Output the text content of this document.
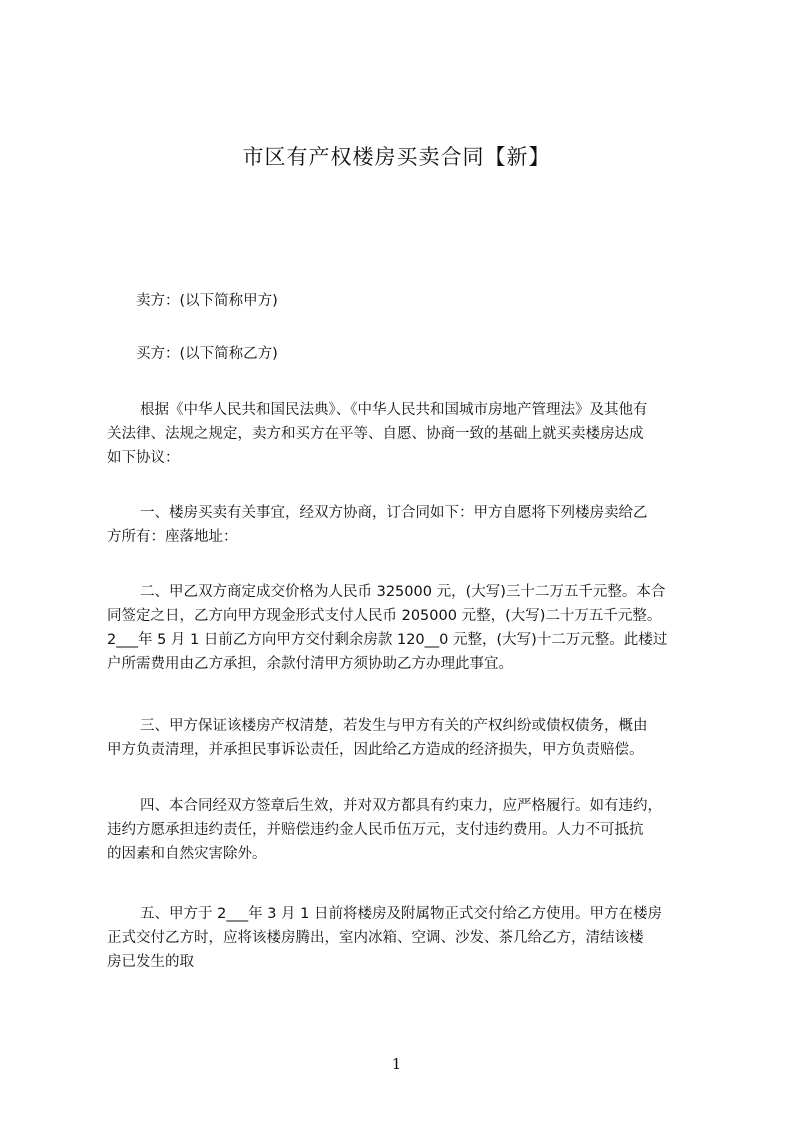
市区有产权楼房买卖合同【新】

卖方：(以下简称甲方)

买方：(以下简称乙方)

根据《中华人民共和国民法典》、《中华人民共和国城市房地产管理法》及其他有
关法律、法规之规定，卖方和买方在平等、自愿、协商一致的基础上就买卖楼房达成
如下协议：

一、楼房买卖有关事宜，经双方协商，订合同如下：甲方自愿将下列楼房卖给乙
方所有：座落地址：

二、甲乙双方商定成交价格为人民币 325000 元，(大写)三十二万五千元整。本合
同签定之日，乙方向甲方现金形式支付人民币 205000 元整，(大写)二十万五千元整。
2___年 5 月 1 日前乙方向甲方交付剩余房款 120__0 元整，(大写)十二万元整。此楼过
户所需费用由乙方承担，余款付清甲方须协助乙方办理此事宜。

三、甲方保证该楼房产权清楚，若发生与甲方有关的产权纠纷或债权债务，概由
甲方负责清理，并承担民事诉讼责任，因此给乙方造成的经济损失，甲方负责赔偿。

四、本合同经双方签章后生效，并对双方都具有约束力，应严格履行。如有违约，
违约方愿承担违约责任，并赔偿违约金人民币伍万元，支付违约费用。人力不可抵抗
的因素和自然灾害除外。

五、甲方于 2___年 3 月 1 日前将楼房及附属物正式交付给乙方使用。甲方在楼房
正式交付乙方时，应将该楼房腾出，室内冰箱、空调、沙发、茶几给乙方，清结该楼
房已发生的取

1
